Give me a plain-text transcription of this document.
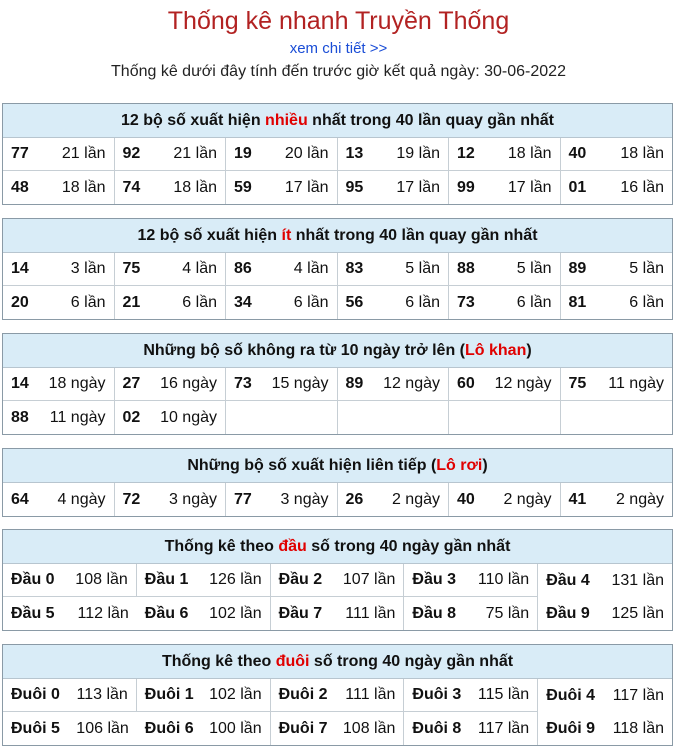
Thống kê nhanh Truyền Thống
xem chi tiết >>
Thống kê dưới đây tính đến trước giờ kết quả ngày: 30-06-2022
12 bộ số xuất hiện nhiều nhất trong 40 lần quay gần nhất
77 21 lần 92 21 lần 19 20 lần 13 19 lần 12 18 lần 40 18 lần
48 18 lần 74 18 lần 59 17 lần 95 17 lần 99 17 lần 01 16 lần
12 bộ số xuất hiện ít nhất trong 40 lần quay gần nhất
14	3 lần 75	4 lần 86	4 lần 83	5 lần 88	5 lần 89	5 lần
20	6 lần 21	6 lần 34	6 lần 56	6 lần 73	6 lần 81	6 lần
Những bộ số không ra từ 10 ngày trở lên (Lô khan)
14 18 ngày 27 16 ngày 73 15 ngày 89 12 ngày 60 12 ngày 75 11 ngày
88 11 ngày 02 10 ngày
Những bộ số xuất hiện liên tiếp (Lô rơi)
64 4 ngày 72 3 ngày 77 3 ngày 26 2 ngày 40 2 ngày 41 2 ngày
Thống kê theo đầu số trong 40 ngày gần nhất
Đầu 0 108 lần Đầu 1 126 lần Đầu 2 107 lần Đầu 3 110 lần Đầu 4 131 lần
Đầu 5 112 lần Đầu 6 102 lần Đầu 7 111 lần Đầu 8 75 lần Đầu 9 125 lần
Thống kê theo đuôi số trong 40 ngày gần nhất
Đuôi 0 113 lần Đuôi 1 102 lần Đuôi 2 111 lần Đuôi 3 115 lần Đuôi 4 117 lần
Đuôi 5 106 lần Đuôi 6 100 lần Đuôi 7 108 lần Đuôi 8 117 lần Đuôi 9 118 lần
